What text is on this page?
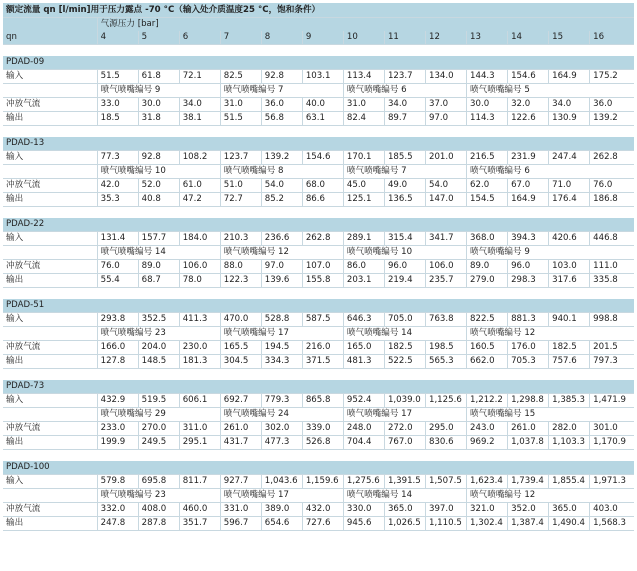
额定流量 qn [l/min]用于压力露点 -70 °C（输入处介质温度25 °C，饱和条件）													
	气源压力 [bar]												
qn	4	5	6	7	8	9	10	11	12	13	14	15	16

PDAD-09													
输入	51.5	61.8	72.1	82.5	92.8	103.1	113.4	123.7	134.0	144.3	154.6	164.9	175.2
	喷气喷嘴编号 9			喷气喷嘴编号 7			喷气喷嘴编号 6			喷气喷嘴编号 5			
冲放气流	33.0	30.0	34.0	31.0	36.0	40.0	31.0	34.0	37.0	30.0	32.0	34.0	36.0
输出	18.5	31.8	38.1	51.5	56.8	63.1	82.4	89.7	97.0	114.3	122.6	130.9	139.2

PDAD-13													
输入	77.3	92.8	108.2	123.7	139.2	154.6	170.1	185.5	201.0	216.5	231.9	247.4	262.8
	喷气喷嘴编号 10			喷气喷嘴编号 8			喷气喷嘴编号 7			喷气喷嘴编号 6			
冲放气流	42.0	52.0	61.0	51.0	54.0	68.0	45.0	49.0	54.0	62.0	67.0	71.0	76.0
输出	35.3	40.8	47.2	72.7	85.2	86.6	125.1	136.5	147.0	154.5	164.9	176.4	186.8

PDAD-22													
输入	131.4	157.7	184.0	210.3	236.6	262.8	289.1	315.4	341.7	368.0	394.3	420.6	446.8
	喷气喷嘴编号 14			喷气喷嘴编号 12			喷气喷嘴编号 10			喷气喷嘴编号 9			
冲放气流	76.0	89.0	106.0	88.0	97.0	107.0	86.0	96.0	106.0	89.0	96.0	103.0	111.0
输出	55.4	68.7	78.0	122.3	139.6	155.8	203.1	219.4	235.7	279.0	298.3	317.6	335.8

PDAD-51													
输入	293.8	352.5	411.3	470.0	528.8	587.5	646.3	705.0	763.8	822.5	881.3	940.1	998.8
	喷气喷嘴编号 23			喷气喷嘴编号 17			喷气喷嘴编号 14			喷气喷嘴编号 12			
冲放气流	166.0	204.0	230.0	165.5	194.5	216.0	165.0	182.5	198.5	160.5	176.0	182.5	201.5
输出	127.8	148.5	181.3	304.5	334.3	371.5	481.3	522.5	565.3	662.0	705.3	757.6	797.3

PDAD-73													
输入	432.9	519.5	606.1	692.7	779.3	865.8	952.4	1,039.0	1,125.6	1,212.2	1,298.8	1,385.3	1,471.9
	喷气喷嘴编号 29			喷气喷嘴编号 24			喷气喷嘴编号 17			喷气喷嘴编号 15			
冲放气流	233.0	270.0	311.0	261.0	302.0	339.0	248.0	272.0	295.0	243.0	261.0	282.0	301.0
输出	199.9	249.5	295.1	431.7	477.3	526.8	704.4	767.0	830.6	969.2	1,037.8	1,103.3	1,170.9

PDAD-100													
输入	579.8	695.8	811.7	927.7	1,043.6	1,159.6	1,275.6	1,391.5	1,507.5	1,623.4	1,739.4	1,855.4	1,971.3
	喷气喷嘴编号 23			喷气喷嘴编号 17			喷气喷嘴编号 14			喷气喷嘴编号 12			
冲放气流	332.0	408.0	460.0	331.0	389.0	432.0	330.0	365.0	397.0	321.0	352.0	365.0	403.0
输出	247.8	287.8	351.7	596.7	654.6	727.6	945.6	1,026.5	1,110.5	1,302.4	1,387.4	1,490.4	1,568.3
